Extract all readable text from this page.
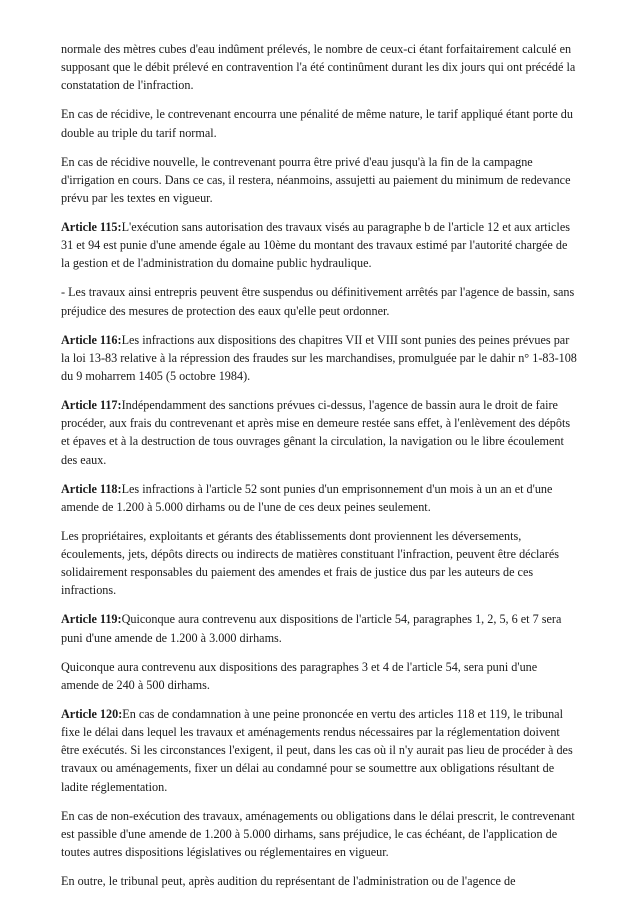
normale des mètres cubes d'eau indûment prélevés, le nombre de ceux-ci étant forfaitairement calculé en supposant que le débit prélevé en contravention l'a été continûment durant les dix jours qui ont précédé la constatation de l'infraction.

En cas de récidive, le contrevenant encourra une pénalité de même nature, le tarif appliqué étant porte du double au triple du tarif normal.

En cas de récidive nouvelle, le contrevenant pourra être privé d'eau jusqu'à la fin de la campagne d'irrigation en cours. Dans ce cas, il restera, néanmoins, assujetti au paiement du minimum de redevance prévu par les textes en vigueur.

Article 115:L'exécution sans autorisation des travaux visés au paragraphe b de l'article 12 et aux articles 31 et 94 est punie d'une amende égale au 10ème du montant des travaux estimé par l'autorité chargée de la gestion et de l'administration du domaine public hydraulique.

- Les travaux ainsi entrepris peuvent être suspendus ou définitivement arrêtés par l'agence de bassin, sans préjudice des mesures de protection des eaux qu'elle peut ordonner.

Article 116:Les infractions aux dispositions des chapitres VII et VIII sont punies des peines prévues par la loi 13-83 relative à la répression des fraudes sur les marchandises, promulguée par le dahir n° 1-83-108 du 9 moharrem 1405 (5 octobre 1984).

Article 117:Indépendamment des sanctions prévues ci-dessus, l'agence de bassin aura le droit de faire procéder, aux frais du contrevenant et après mise en demeure restée sans effet, à l'enlèvement des dépôts et épaves et à la destruction de tous ouvrages gênant la circulation, la navigation ou le libre écoulement des eaux.

Article 118:Les infractions à l'article 52 sont punies d'un emprisonnement d'un mois à un an et d'une amende de 1.200 à 5.000 dirhams ou de l'une de ces deux peines seulement.

Les propriétaires, exploitants et gérants des établissements dont proviennent les déversements, écoulements, jets, dépôts directs ou indirects de matières constituant l'infraction, peuvent être déclarés solidairement responsables du paiement des amendes et frais de justice dus par les auteurs de ces infractions.

Article 119:Quiconque aura contrevenu aux dispositions de l'article 54, paragraphes 1, 2, 5, 6 et 7 sera puni d'une amende de 1.200 à 3.000 dirhams.

Quiconque aura contrevenu aux dispositions des paragraphes 3 et 4 de l'article 54, sera puni d'une amende de 240 à 500 dirhams.

Article 120:En cas de condamnation à une peine prononcée en vertu des articles 118 et 119, le tribunal fixe le délai dans lequel les travaux et aménagements rendus nécessaires par la réglementation doivent être exécutés. Si les circonstances l'exigent, il peut, dans les cas où il n'y aurait pas lieu de procéder à des travaux ou aménagements, fixer un délai au condamné pour se soumettre aux obligations résultant de ladite réglementation.

En cas de non-exécution des travaux, aménagements ou obligations dans le délai prescrit, le contrevenant est passible d'une amende de 1.200 à 5.000 dirhams, sans préjudice, le cas échéant, de l'application de toutes autres dispositions législatives ou réglementaires en vigueur.

En outre, le tribunal peut, après audition du représentant de l'administration ou de l'agence de
